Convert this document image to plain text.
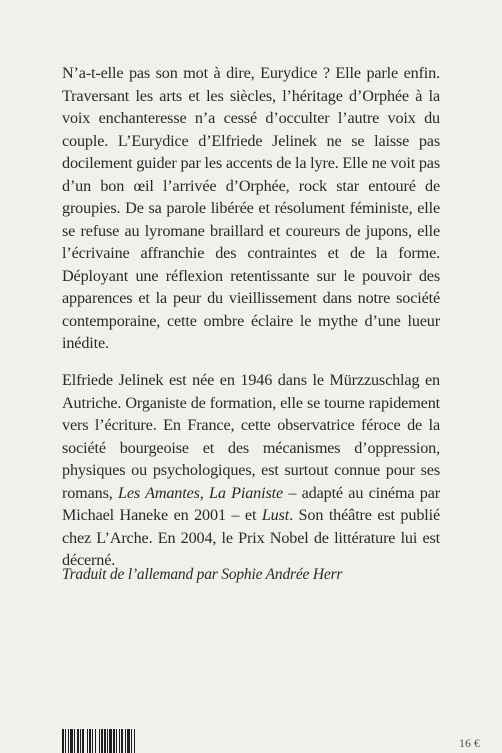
N’a-t-elle pas son mot à dire, Eurydice ? Elle parle enfin. Traversant les arts et les siècles, l’héritage d’Orphée à la voix enchanteresse n’a cessé d’occulter l’autre voix du couple. L’Eurydice d’Elfriede Jelinek ne se laisse pas docilement guider par les accents de la lyre. Elle ne voit pas d’un bon œil l’arrivée d’Orphée, rock star entouré de groupies. De sa parole libérée et résolument féministe, elle se refuse au lyromane braillard et coureurs de jupons, elle l’écrivaine affranchie des contraintes et de la forme. Déployant une réflexion retentissante sur le pouvoir des apparences et la peur du vieillissement dans notre société contemporaine, cette ombre éclaire le mythe d’une lueur inédite.

Elfriede Jelinek est née en 1946 dans le Mürzzuschlag en Autriche. Organiste de formation, elle se tourne rapidement vers l’écriture. En France, cette observatrice féroce de la société bourgeoise et des mécanismes d’oppression, physiques ou psychologiques, est surtout connue pour ses romans, Les Amantes, La Pianiste – adapté au cinéma par Michael Haneke en 2001 – et Lust. Son théâtre est publié chez L’Arche. En 2004, le Prix Nobel de littérature lui est décerné.

Traduit de l’allemand par Sophie Andrée Herr
16 €
